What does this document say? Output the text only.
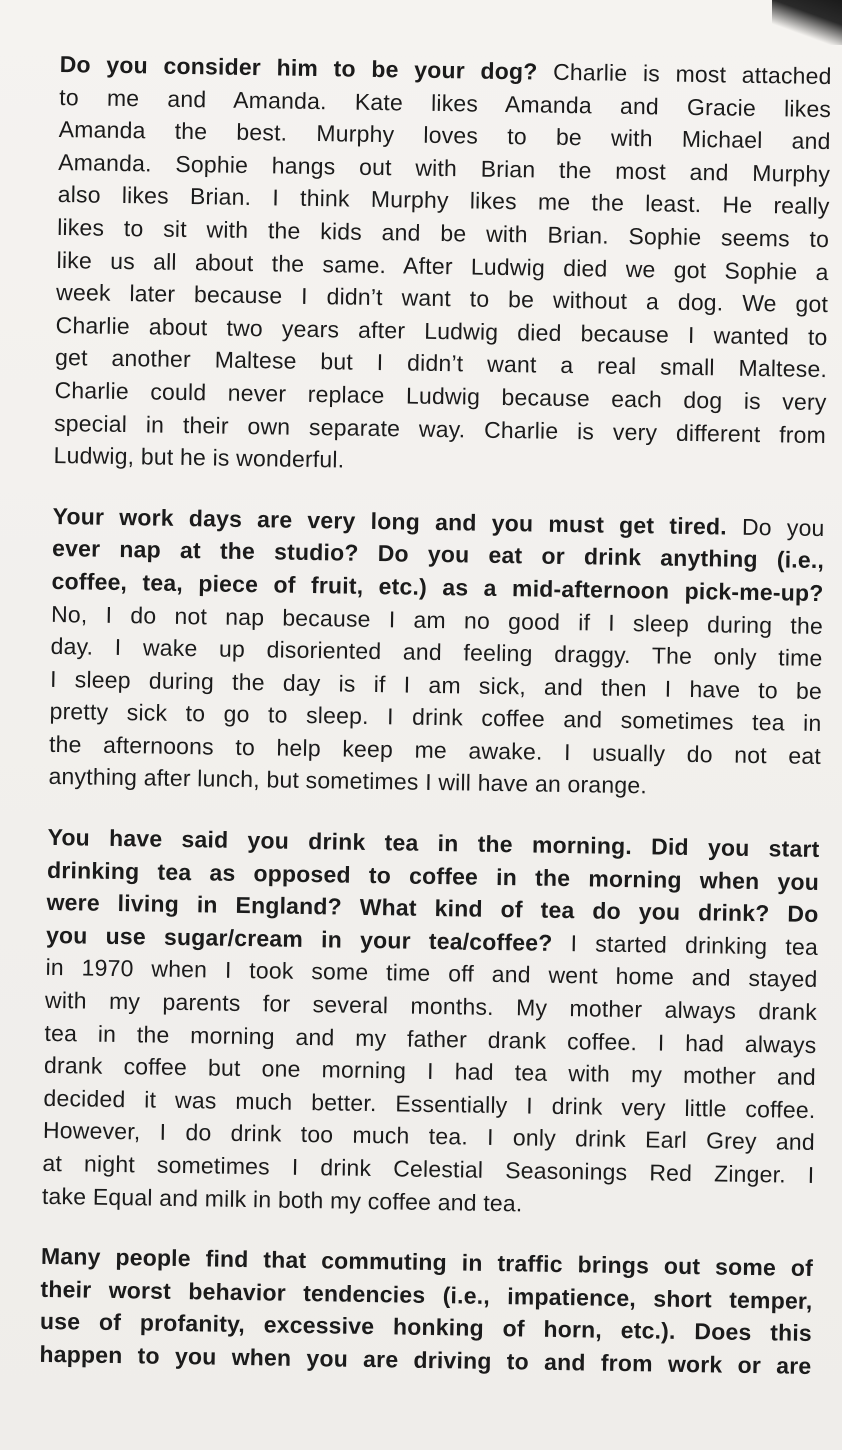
Do you consider him to be your dog? Charlie is most attached
to me and Amanda. Kate likes Amanda and Gracie likes
Amanda the best. Murphy loves to be with Michael and
Amanda. Sophie hangs out with Brian the most and Murphy
also likes Brian. I think Murphy likes me the least. He really
likes to sit with the kids and be with Brian. Sophie seems to
like us all about the same. After Ludwig died we got Sophie a
week later because I didn’t want to be without a dog. We got
Charlie about two years after Ludwig died because I wanted to
get another Maltese but I didn’t want a real small Maltese.
Charlie could never replace Ludwig because each dog is very
special in their own separate way. Charlie is very different from
Ludwig, but he is wonderful.
Your work days are very long and you must get tired. Do you
ever nap at the studio? Do you eat or drink anything (i.e.,
coffee, tea, piece of fruit, etc.) as a mid-afternoon pick-me-up?
No, I do not nap because I am no good if I sleep during the
day. I wake up disoriented and feeling draggy. The only time
I sleep during the day is if I am sick, and then I have to be
pretty sick to go to sleep. I drink coffee and sometimes tea in
the afternoons to help keep me awake. I usually do not eat
anything after lunch, but sometimes I will have an orange.
You have said you drink tea in the morning. Did you start
drinking tea as opposed to coffee in the morning when you
were living in England? What kind of tea do you drink? Do
you use sugar/cream in your tea/coffee? I started drinking tea
in 1970 when I took some time off and went home and stayed
with my parents for several months. My mother always drank
tea in the morning and my father drank coffee. I had always
drank coffee but one morning I had tea with my mother and
decided it was much better. Essentially I drink very little coffee.
However, I do drink too much tea. I only drink Earl Grey and
at night sometimes I drink Celestial Seasonings Red Zinger. I
take Equal and milk in both my coffee and tea.
Many people find that commuting in traffic brings out some of
their worst behavior tendencies (i.e., impatience, short temper,
use of profanity, excessive honking of horn, etc.). Does this
happen to you when you are driving to and from work or are
